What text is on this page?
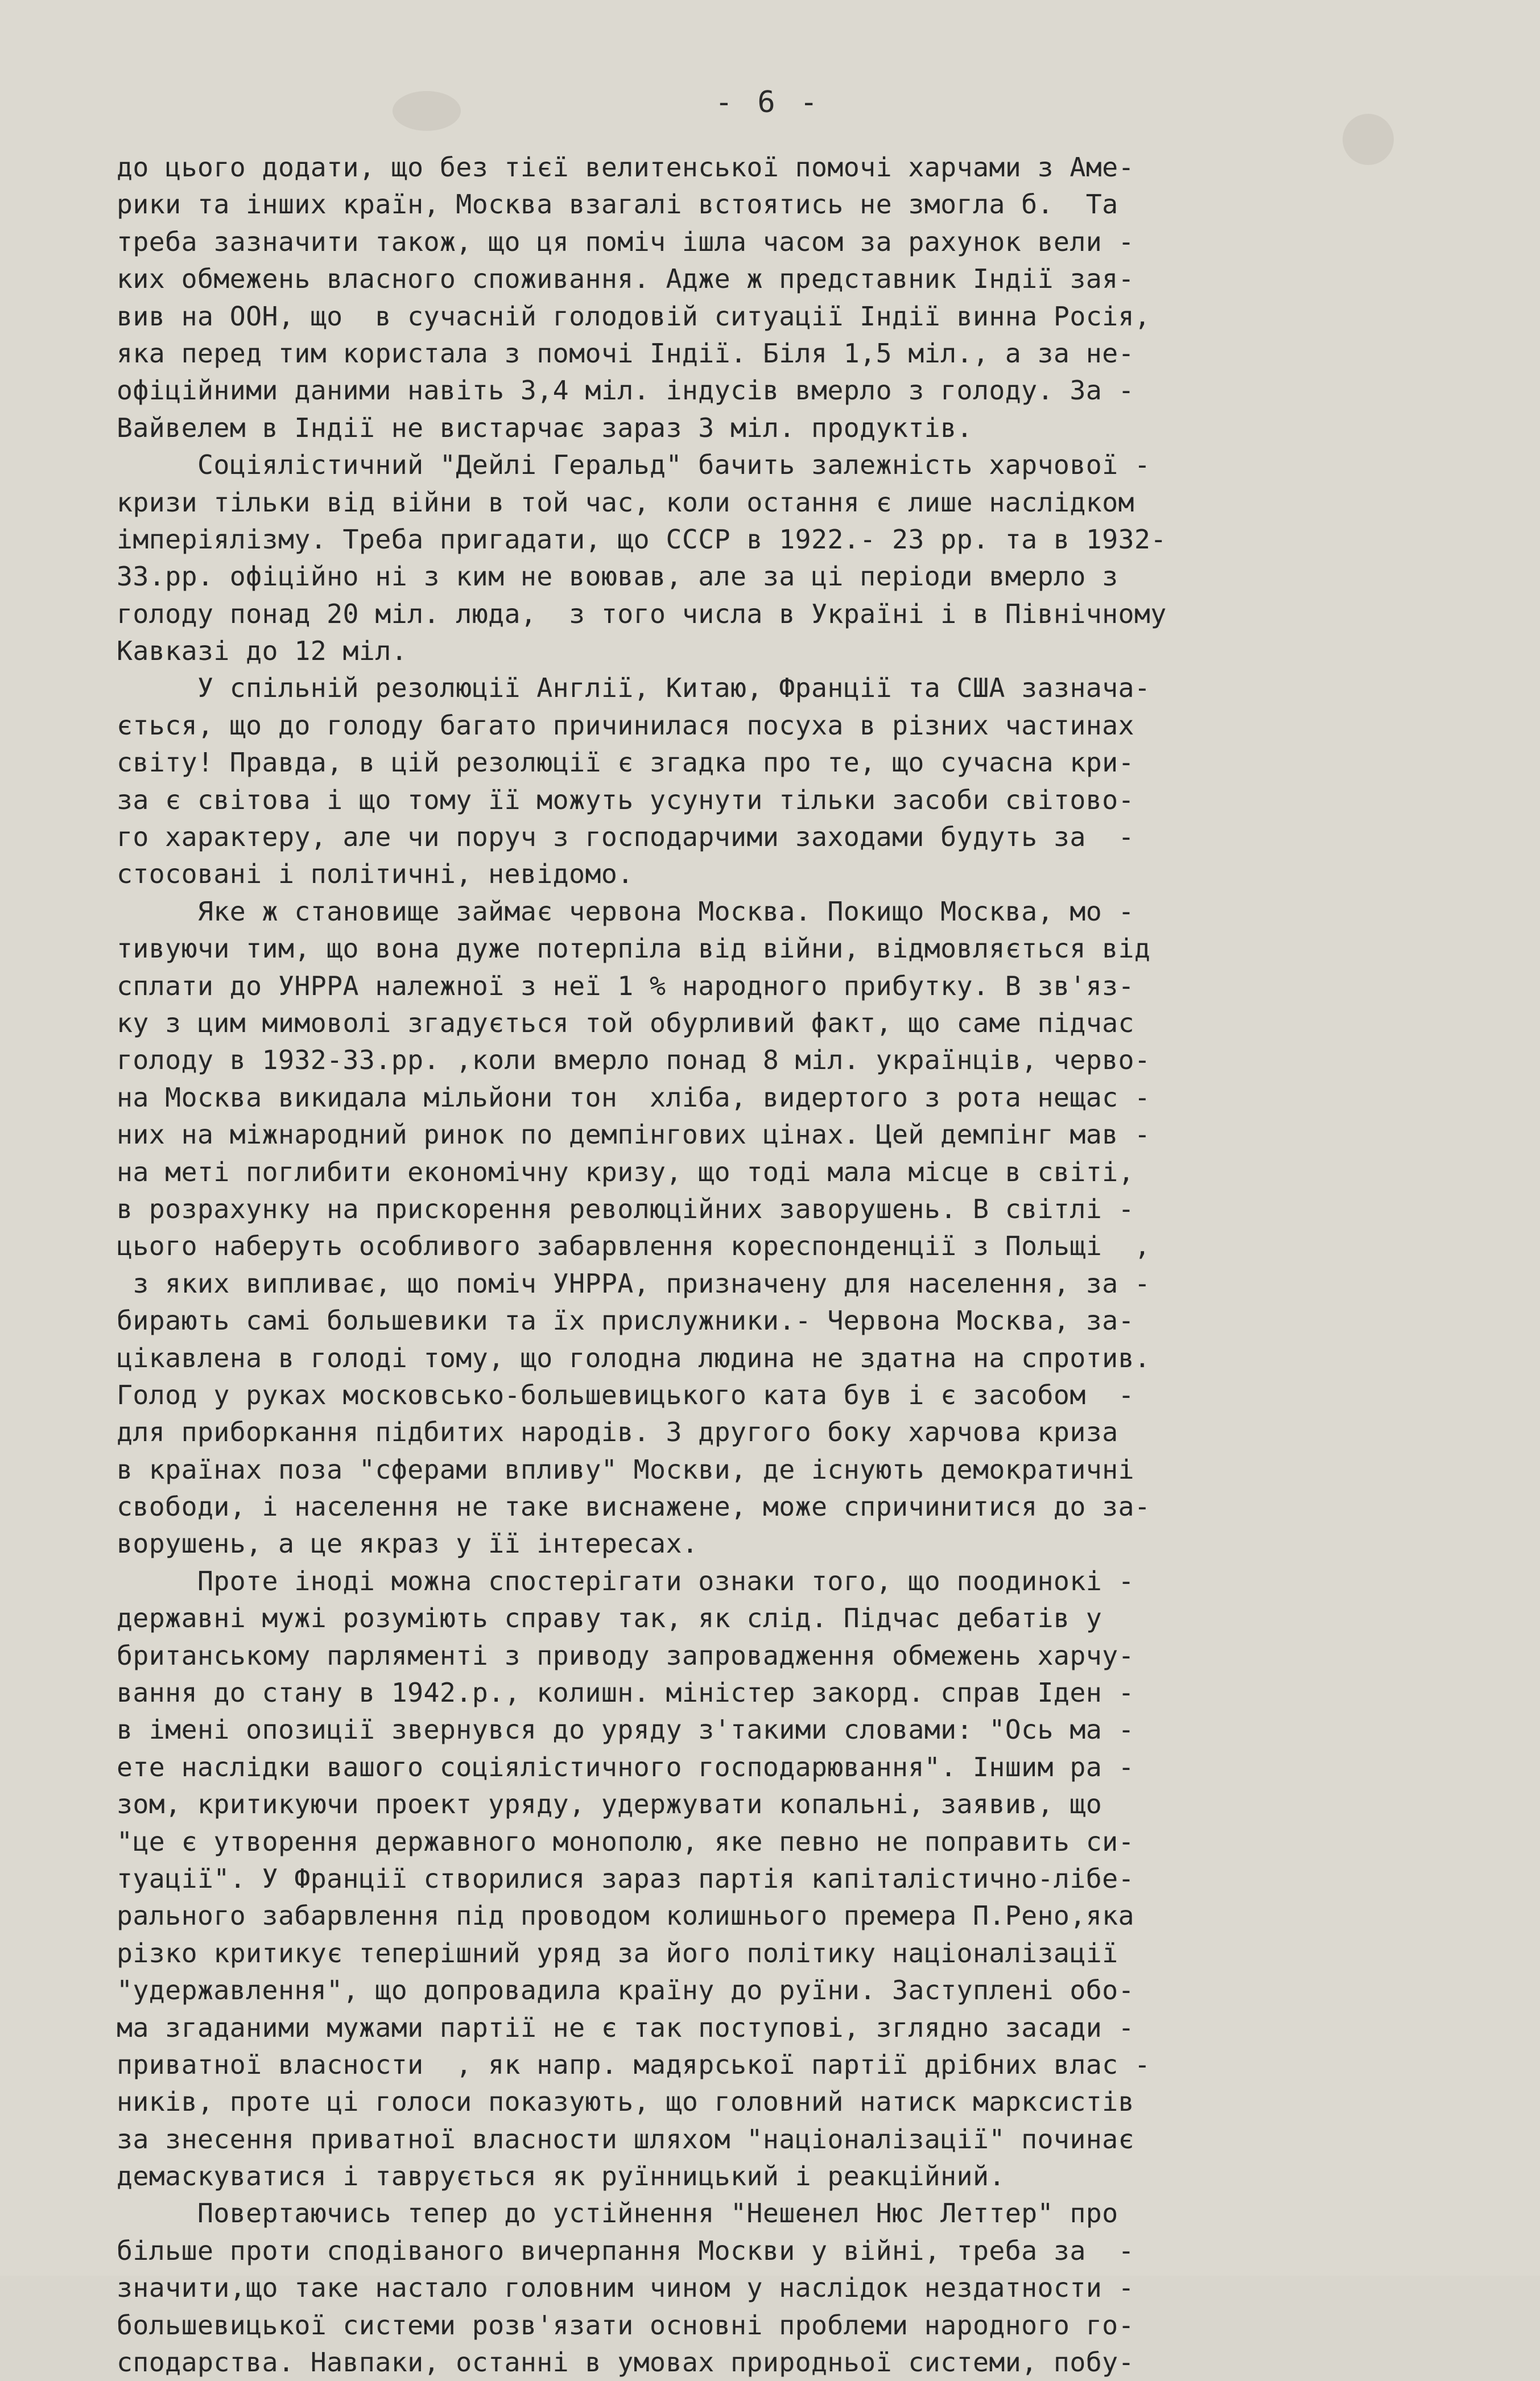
- 6 -
до цього додати, що без тієї велитенської помочі харчами з Аме-
рики та інших країн, Москва взагалі встоятись не змогла б.  Та
треба зазначити також, що ця поміч ішла часом за рахунок вели -
ких обмежень власного споживання. Адже ж представник Індії зая-
вив на ООН, що  в сучасній голодовій ситуації Індії винна Росія,
яка перед тим користала з помочі Індії. Біля 1,5 міл., а за не-
офіційними даними навіть 3,4 міл. індусів вмерло з голоду. За -
Вайвелем в Індії не вистарчає зараз 3 міл. продуктів.
Соціялістичний "Дейлі Геральд" бачить залежність харчової -
кризи тільки від війни в той час, коли остання є лише наслідком
імперіялізму. Треба пригадати, що СССР в 1922.- 23 рр. та в 1932-
33.рр. офіційно ні з ким не воював, але за ці періоди вмерло з
голоду понад 20 міл. люда,  з того числа в Україні і в Північному
Кавказі до 12 міл.
У спільній резолюції Англії, Китаю, Франції та США зазнача-
ється, що до голоду багато причинилася посуха в різних частинах
світу! Правда, в цій резолюції є згадка про те, що сучасна кри-
за є світова і що тому її можуть усунути тільки засоби світово-
го характеру, але чи поруч з господарчими заходами будуть за  -
стосовані і політичні, невідомо.
Яке ж становище займає червона Москва. Покищо Москва, мо -
тивуючи тим, що вона дуже потерпіла від війни, відмовляється від
сплати до УНРРА належної з неї 1 % народного прибутку. В зв'яз-
ку з цим мимоволі згадується той обурливий факт, що саме підчас
голоду в 1932-33.рр. ,коли вмерло понад 8 міл. українців, черво-
на Москва викидала мільйони тон  хліба, видертого з рота нещас -
них на міжнародний ринок по демпінгових цінах. Цей демпінг мав -
на меті поглибити економічну кризу, що тоді мала місце в світі,
в розрахунку на прискорення революційних заворушень. В світлі -
цього наберуть особливого забарвлення кореспонденції з Польщі  ,
з яких випливає, що поміч УНРРА, призначену для населення, за -
бирають самі большевики та їх прислужники.- Червона Москва, за-
цікавлена в голоді тому, що голодна людина не здатна на спротив.
Голод у руках московсько-большевицького ката був і є засобом  -
для приборкання підбитих народів. З другого боку харчова криза
в країнах поза "сферами впливу" Москви, де існують демократичні
свободи, і населення не таке виснажене, може спричинитися до за-
ворушень, а це якраз у її інтересах.
Проте іноді можна спостерігати ознаки того, що поодинокі -
державні мужі розуміють справу так, як слід. Підчас дебатів у
британському парляменті з приводу запровадження обмежень харчу-
вання до стану в 1942.р., колишн. міністер закорд. справ Іден -
в імені опозиції звернувся до уряду з'такими словами: "Ось ма -
ете наслідки вашого соціялістичного господарювання". Іншим ра -
зом, критикуючи проект уряду, удержувати копальні, заявив, що
"це є утворення державного монополю, яке певно не поправить си-
туації". У Франції створилися зараз партія капіталістично-лібе-
рального забарвлення під проводом колишнього премера П.Рено,яка
різко критикує теперішний уряд за його політику націоналізації
"удержавлення", що допровадила країну до руїни. Заступлені обо-
ма згаданими мужами партії не є так поступові, зглядно засади -
приватної власности  , як напр. мадярської партії дрібних влас -
ників, проте ці голоси показують, що головний натиск марксистів
за знесення приватної власности шляхом "націоналізації" починає
демаскуватися і таврується як руїнницький і реакційний.
Повертаючись тепер до устійнення "Нешенел Нюс Леттер" про
більше проти сподіваного вичерпання Москви у війні, треба за  -
значити,що таке настало головним чином у наслідок нездатности -
большевицької системи розв'язати основні проблеми народного го-
сподарства. Навпаки, останні в умовах природньої системи, побу-
